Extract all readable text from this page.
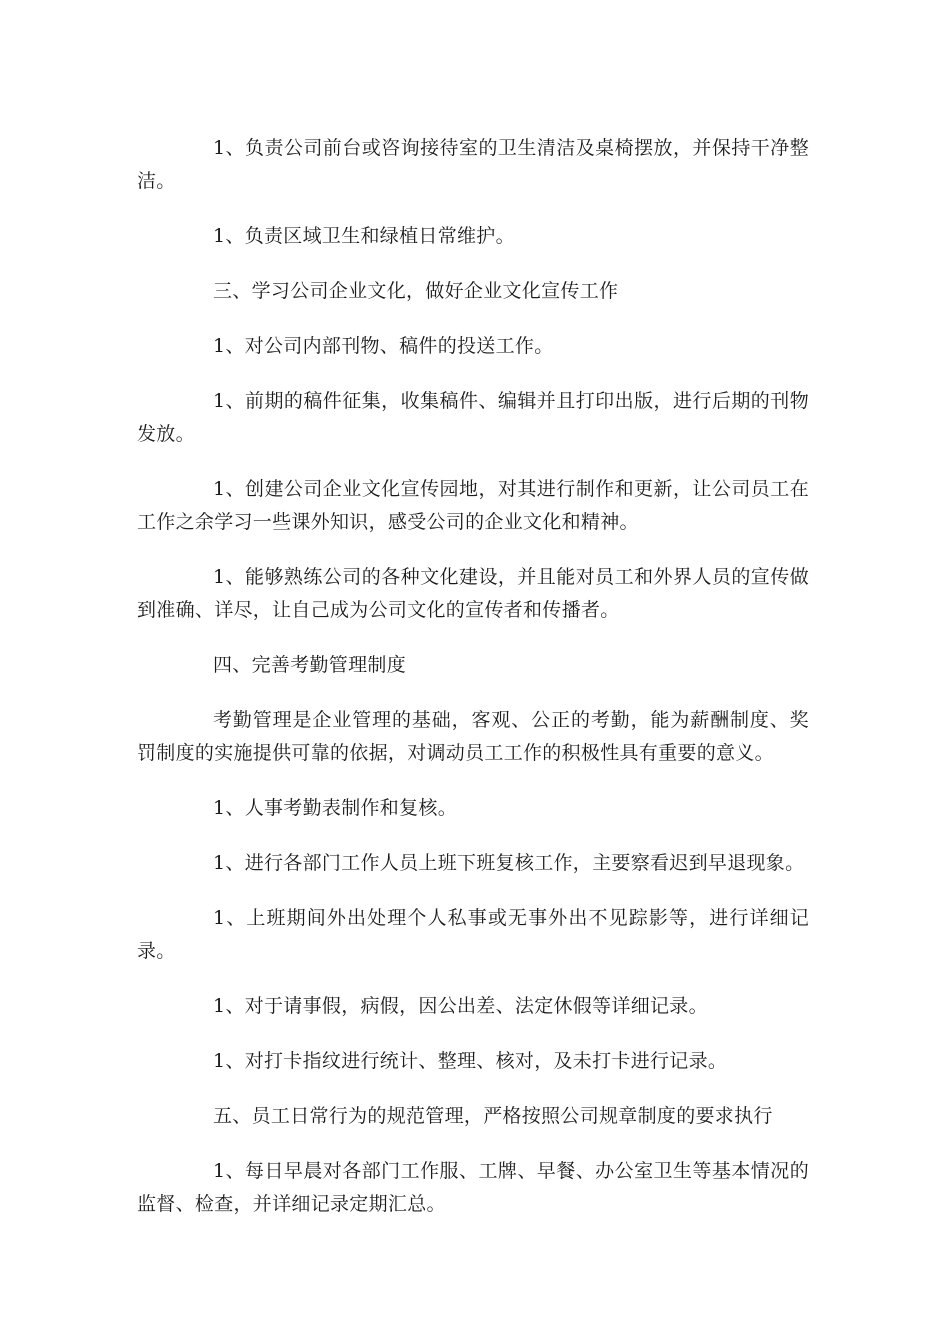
1、负责公司前台或咨询接待室的卫生清洁及桌椅摆放，并保持干净整洁。

1、负责区域卫生和绿植日常维护。

三、学习公司企业文化，做好企业文化宣传工作

1、对公司内部刊物、稿件的投送工作。

1、前期的稿件征集，收集稿件、编辑并且打印出版，进行后期的刊物发放。

1、创建公司企业文化宣传园地，对其进行制作和更新，让公司员工在工作之余学习一些课外知识，感受公司的企业文化和精神。

1、能够熟练公司的各种文化建设，并且能对员工和外界人员的宣传做到准确、详尽，让自己成为公司文化的宣传者和传播者。

四、完善考勤管理制度

考勤管理是企业管理的基础，客观、公正的考勤，能为薪酬制度、奖罚制度的实施提供可靠的依据，对调动员工工作的积极性具有重要的意义。

1、人事考勤表制作和复核。

1、进行各部门工作人员上班下班复核工作，主要察看迟到早退现象。

1、上班期间外出处理个人私事或无事外出不见踪影等，进行详细记录。

1、对于请事假，病假，因公出差、法定休假等详细记录。

1、对打卡指纹进行统计、整理、核对，及未打卡进行记录。

五、员工日常行为的规范管理，严格按照公司规章制度的要求执行

1、每日早晨对各部门工作服、工牌、早餐、办公室卫生等基本情况的监督、检查，并详细记录定期汇总。
